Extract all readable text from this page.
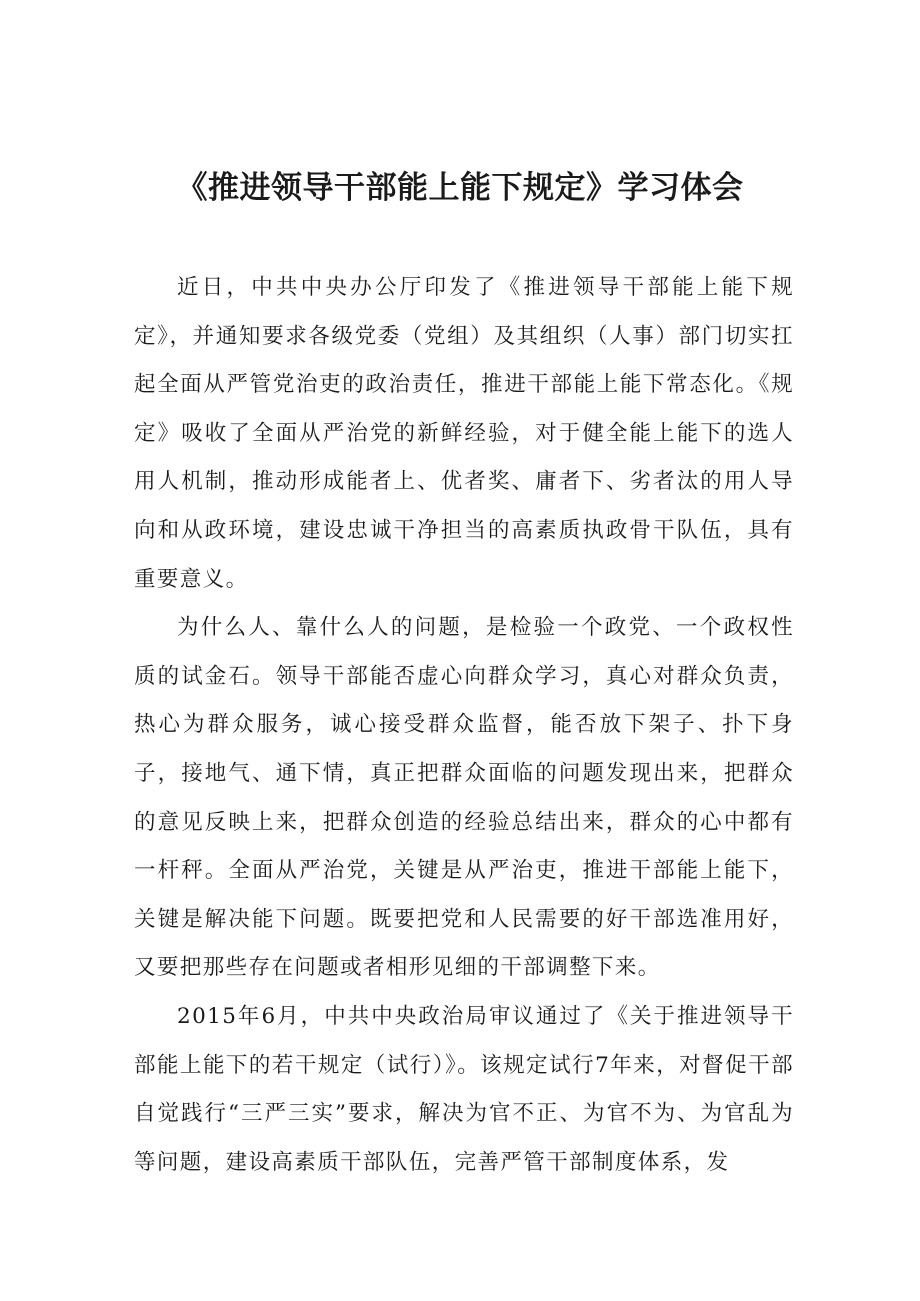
《推进领导干部能上能下规定》学习体会

近日，中共中央办公厅印发了《推进领导干部能上能下规定》，并通知要求各级党委（党组）及其组织（人事）部门切实扛起全面从严管党治吏的政治责任，推进干部能上能下常态化。《规定》吸收了全面从严治党的新鲜经验，对于健全能上能下的选人用人机制，推动形成能者上、优者奖、庸者下、劣者汰的用人导向和从政环境，建设忠诚干净担当的高素质执政骨干队伍，具有重要意义。

为什么人、靠什么人的问题，是检验一个政党、一个政权性质的试金石。领导干部能否虚心向群众学习，真心对群众负责，热心为群众服务，诚心接受群众监督，能否放下架子、扑下身子，接地气、通下情，真正把群众面临的问题发现出来，把群众的意见反映上来，把群众创造的经验总结出来，群众的心中都有一杆秤。全面从严治党，关键是从严治吏，推进干部能上能下，关键是解决能下问题。既要把党和人民需要的好干部选准用好，又要把那些存在问题或者相形见细的干部调整下来。

2015年6月，中共中央政治局审议通过了《关于推进领导干部能上能下的若干规定（试行）》。该规定试行7年来，对督促干部自觉践行“三严三实”要求，解决为官不正、为官不为、为官乱为等问题，建设高素质干部队伍，完善严管干部制度体系，发
